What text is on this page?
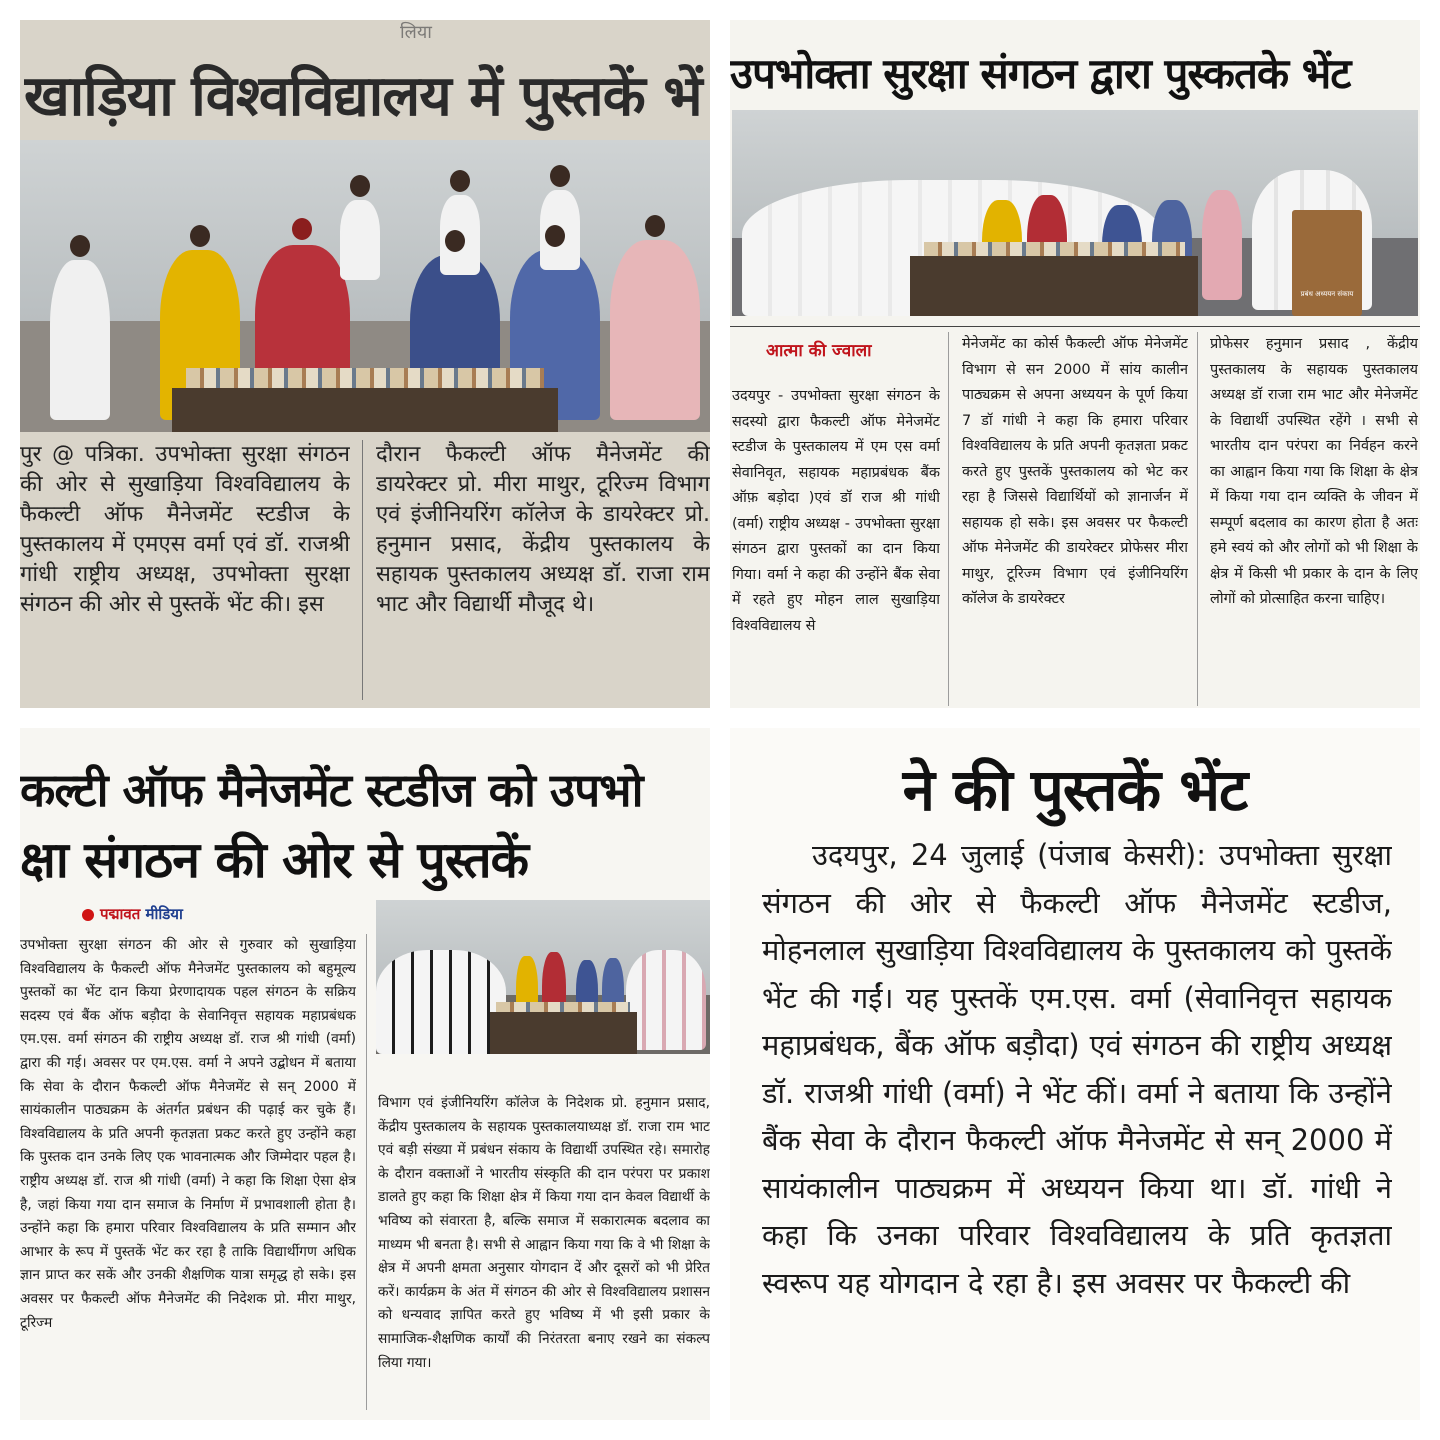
लिया
खाड़िया विश्वविद्यालय में पुस्तकें भें
पुर @ पत्रिका. उपभोक्ता सुरक्षा संगठन की ओर से सुखाड़िया विश्वविद्यालय के फैकल्टी ऑफ मैनेजमेंट स्टडीज के पुस्तकालय में एमएस वर्मा एवं डॉ. राजश्री गांधी राष्ट्रीय अध्यक्ष, उपभोक्ता सुरक्षा संगठन की ओर से पुस्तकें भेंट की। इस
दौरान फैकल्टी ऑफ मैनेजमेंट की डायरेक्टर प्रो. मीरा माथुर, टूरिज्म विभाग एवं इंजीनियरिंग कॉलेज के डायरेक्टर प्रो. हनुमान प्रसाद, केंद्रीय पुस्तकालय के सहायक पुस्तकालय अध्यक्ष डॉ. राजा राम भाट और विद्यार्थी मौजूद थे।
उपभोक्ता सुरक्षा संगठन द्वारा पुस्कतके भेंट
प्रबंध अध्ययन संकाय
आत्मा की ज्वाला
उदयपुर - उपभोक्ता सुरक्षा संगठन के सदस्यो द्वारा फैकल्टी ऑफ मेनेजमेंट स्टडीज के पुस्तकालय में एम एस वर्मा सेवानिवृत, सहायक महाप्रबंधक बैंक ऑफ़ बड़ोदा )एवं डॉ राज श्री गांधी (वर्मा) राष्ट्रीय अध्यक्ष - उपभोक्ता सुरक्षा संगठन द्वारा पुस्तकों का दान किया गिया। वर्मा ने कहा की उन्होंने बैंक सेवा में रहते हुए मोहन लाल सुखाड़िया विश्वविद्यालय से
मेनेजमेंट का कोर्स फैकल्टी ऑफ मेनेजमेंट विभाग से सन 2000 में सांय कालीन पाठ्यक्रम से अपना अध्ययन के पूर्ण किया 7 डॉ गांधी ने कहा कि हमारा परिवार विश्वविद्यालय के प्रति अपनी कृतज्ञता प्रकट करते हुए पुस्तकें पुस्तकालय को भेट कर रहा है जिससे विद्यार्थियों को ज्ञानार्जन में सहायक हो सके। इस अवसर पर फैकल्टी ऑफ मेनेजमेंट की डायरेक्टर प्रोफेसर मीरा माथुर, टूरिज्म विभाग एवं इंजीनियरिंग कॉलेज के डायरेक्टर
प्रोफेसर हनुमान प्रसाद , केंद्रीय पुस्तकालय के सहायक पुस्तकालय अध्यक्ष डॉ राजा राम भाट और मेनेजमेंट के विद्यार्थी उपस्थित रहेंगे । सभी से भारतीय दान परंपरा का निर्वहन करने का आह्वान किया गया कि शिक्षा के क्षेत्र में किया गया दान व्यक्ति के जीवन में सम्पूर्ण बदलाव का कारण होता है अतः हमे स्वयं को और लोगों को भी शिक्षा के क्षेत्र में किसी भी प्रकार के दान के लिए लोगों को प्रोत्साहित करना चाहिए।
कल्टी ऑफ मैनेजमेंट स्टडीज को उपभो
क्षा संगठन की ओर से पुस्तकें
पद्मावत मीडिया
उपभोक्ता सुरक्षा संगठन की ओर से गुरुवार को सुखाड़िया विश्वविद्यालय के फैकल्टी ऑफ मैनेजमेंट पुस्तकालय को बहुमूल्य पुस्तकों का भेंट दान किया प्रेरणादायक पहल संगठन के सक्रिय सदस्य एवं बैंक ऑफ बड़ौदा के सेवानिवृत्त सहायक महाप्रबंधक एम.एस. वर्मा संगठन की राष्ट्रीय अध्यक्ष डॉ. राज श्री गांधी (वर्मा) द्वारा की गई। अवसर पर एम.एस. वर्मा ने अपने उद्बोधन में बताया कि सेवा के दौरान फैकल्टी ऑफ मैनेजमेंट से सन् 2000 में सायंकालीन पाठ्यक्रम के अंतर्गत प्रबंधन की पढ़ाई कर चुके हैं। विश्वविद्यालय के प्रति अपनी कृतज्ञता प्रकट करते हुए उन्होंने कहा कि पुस्तक दान उनके लिए एक भावनात्मक और जिम्मेदार पहल है। राष्ट्रीय अध्यक्ष डॉ. राज श्री गांधी (वर्मा) ने कहा कि शिक्षा ऐसा क्षेत्र है, जहां किया गया दान समाज के निर्माण में प्रभावशाली होता है। उन्होंने कहा कि हमारा परिवार विश्वविद्यालय के प्रति सम्मान और आभार के रूप में पुस्तकें भेंट कर रहा है ताकि विद्यार्थीगण अधिक ज्ञान प्राप्त कर सकें और उनकी शैक्षणिक यात्रा समृद्ध हो सके। इस अवसर पर फैकल्टी ऑफ मैनेजमेंट की निदेशक प्रो. मीरा माथुर, टूरिज्म
विभाग एवं इंजीनियरिंग कॉलेज के निदेशक प्रो. हनुमान प्रसाद, केंद्रीय पुस्तकालय के सहायक पुस्तकालयाध्यक्ष डॉ. राजा राम भाट एवं बड़ी संख्या में प्रबंधन संकाय के विद्यार्थी उपस्थित रहे। समारोह के दौरान वक्ताओं ने भारतीय संस्कृति की दान परंपरा पर प्रकाश डालते हुए कहा कि शिक्षा क्षेत्र में किया गया दान केवल विद्यार्थी के भविष्य को संवारता है, बल्कि समाज में सकारात्मक बदलाव का माध्यम भी बनता है। सभी से आह्वान किया गया कि वे भी शिक्षा के क्षेत्र में अपनी क्षमता अनुसार योगदान दें और दूसरों को भी प्रेरित करें। कार्यक्रम के अंत में संगठन की ओर से विश्वविद्यालय प्रशासन को धन्यवाद ज्ञापित करते हुए भविष्य में भी इसी प्रकार के सामाजिक-शैक्षणिक कार्यों की निरंतरता बनाए रखने का संकल्प लिया गया।
ने की पुस्तकें भेंट
उदयपुर, 24 जुलाई (पंजाब केसरी): उपभोक्ता सुरक्षा संगठन की ओर से फैकल्टी ऑफ मैनेजमेंट स्टडीज, मोहनलाल सुखाड़िया विश्वविद्यालय के पुस्तकालय को पुस्तकें भेंट की गईं। यह पुस्तकें एम.एस. वर्मा (सेवानिवृत्त सहायक महाप्रबंधक, बैंक ऑफ बड़ौदा) एवं संगठन की राष्ट्रीय अध्यक्ष डॉ. राजश्री गांधी (वर्मा) ने भेंट कीं। वर्मा ने बताया कि उन्होंने बैंक सेवा के दौरान फैकल्टी ऑफ मैनेजमेंट से सन् 2000 में सायंकालीन पाठ्यक्रम में अध्ययन किया था। डॉ. गांधी ने कहा कि उनका परिवार विश्वविद्यालय के प्रति कृतज्ञता स्वरूप यह योगदान दे रहा है। इस अवसर पर फैकल्टी की
